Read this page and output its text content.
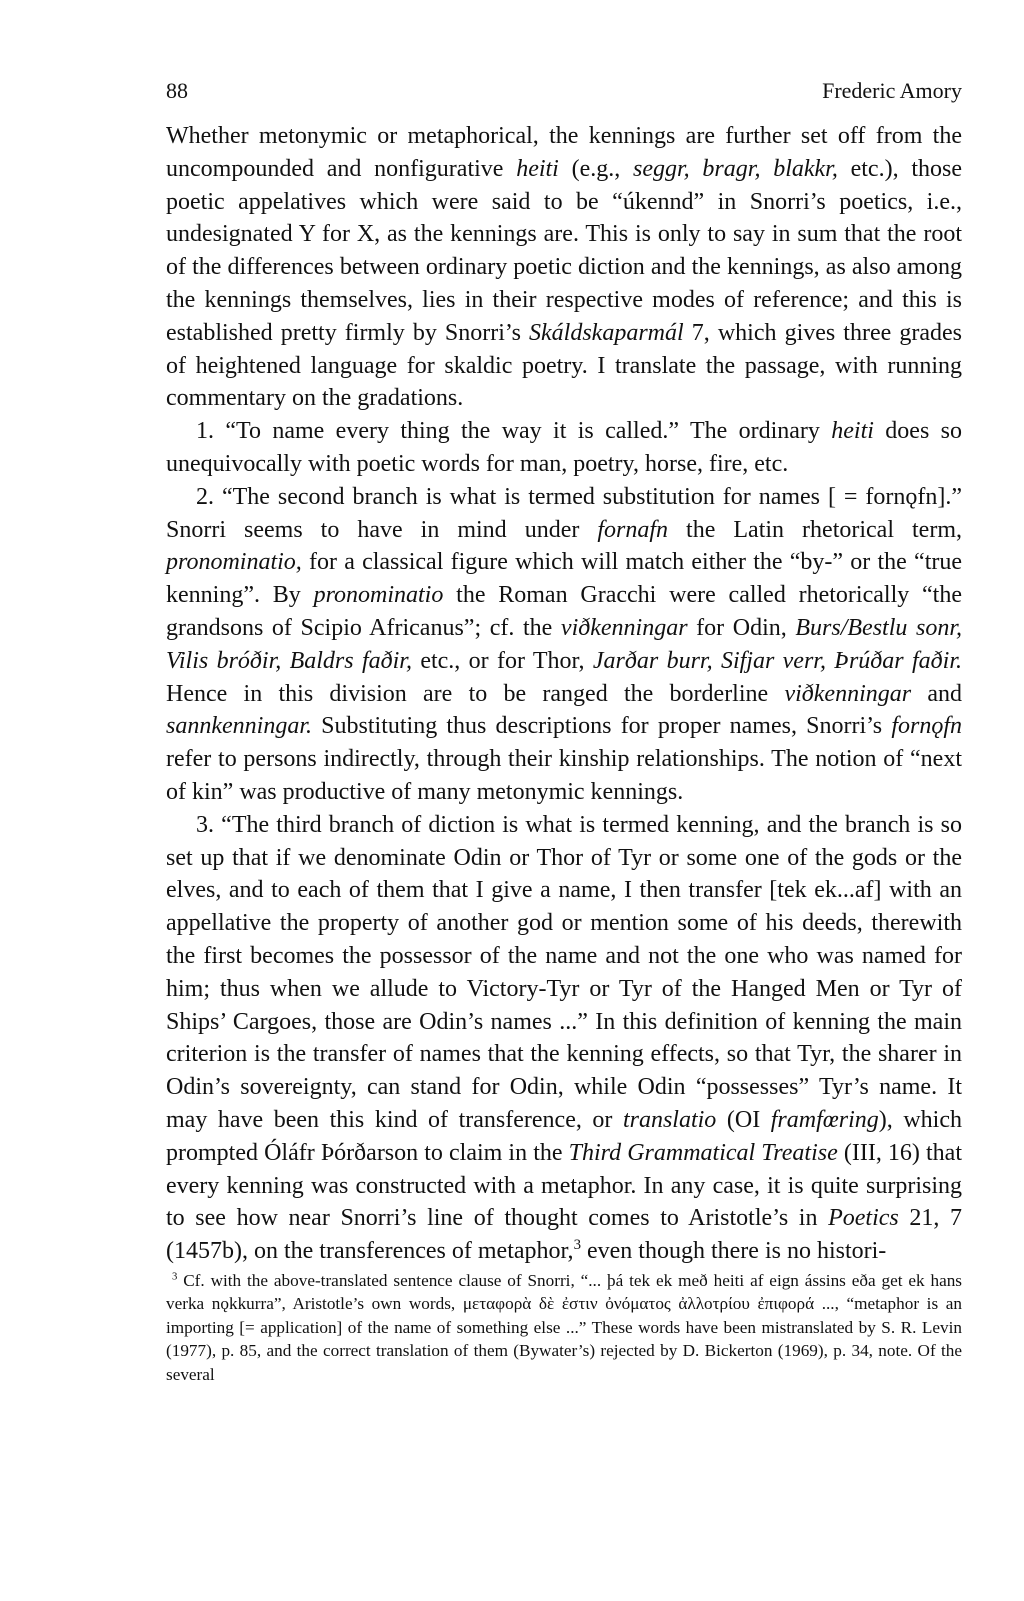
88	Frederic Amory

Whether metonymic or metaphorical, the kennings are further set off from the uncompounded and nonfigurative heiti (e.g., seggr, bragr, blakkr, etc.), those poetic appelatives which were said to be “úkennd” in Snorri’s poetics, i.e., undesignated Y for X, as the kennings are. This is only to say in sum that the root of the differences between ordinary poetic diction and the kennings, as also among the kennings themselves, lies in their respective modes of reference; and this is established pretty firmly by Snorri’s Skáldskaparmál 7, which gives three grades of heightened language for skaldic poetry. I translate the passage, with running commentary on the gradations.

1. “To name every thing the way it is called.” The ordinary heiti does so unequivocally with poetic words for man, poetry, horse, fire, etc.

2. “The second branch is what is termed substitution for names [ = fornǫfn].” Snorri seems to have in mind under fornafn the Latin rhetorical term, pronominatio, for a classical figure which will match either the “by-” or the “true kenning”. By pronominatio the Roman Gracchi were called rhetorically “the grandsons of Scipio Africanus”; cf. the viðkenningar for Odin, Burs/Bestlu sonr, Vilis bróðir, Baldrs faðir, etc., or for Thor, Jarðar burr, Sifjar verr, Þrúðar faðir. Hence in this division are to be ranged the borderline viðkenningar and sannkenningar. Substituting thus descriptions for proper names, Snorri’s fornǫfn refer to persons indirectly, through their kinship relationships. The notion of “next of kin” was productive of many metonymic kennings.

3. “The third branch of diction is what is termed kenning, and the branch is so set up that if we denominate Odin or Thor of Tyr or some one of the gods or the elves, and to each of them that I give a name, I then transfer [tek ek...af] with an appellative the property of another god or mention some of his deeds, therewith the first becomes the possessor of the name and not the one who was named for him; thus when we allude to Victory-Tyr or Tyr of the Hanged Men or Tyr of Ships’ Cargoes, those are Odin’s names ...” In this definition of kenning the main criterion is the transfer of names that the kenning effects, so that Tyr, the sharer in Odin’s sovereignty, can stand for Odin, while Odin “possesses” Tyr’s name. It may have been this kind of transference, or translatio (OI framfœring), which prompted Óláfr Þórðarson to claim in the Third Grammatical Treatise (III, 16) that every kenning was constructed with a metaphor. In any case, it is quite surprising to see how near Snorri’s line of thought comes to Aristotle’s in Poetics 21, 7 (1457b), on the transferences of metaphor,$^3$ even though there is no histori-

$^3$ Cf. with the above-translated sentence clause of Snorri, “... þá tek ek með heiti af eign ássins eða get ek hans verka nǫkkurra”, Aristotle’s own words, μεταφορὰ δὲ ἐστιν ὀνόματος ἀλλοτρίου ἐπιφορά ..., “metaphor is an importing [= application] of the name of something else ...” These words have been mistranslated by S. R. Levin (1977), p. 85, and the correct translation of them (Bywater’s) rejected by D. Bickerton (1969), p. 34, note. Of the several
